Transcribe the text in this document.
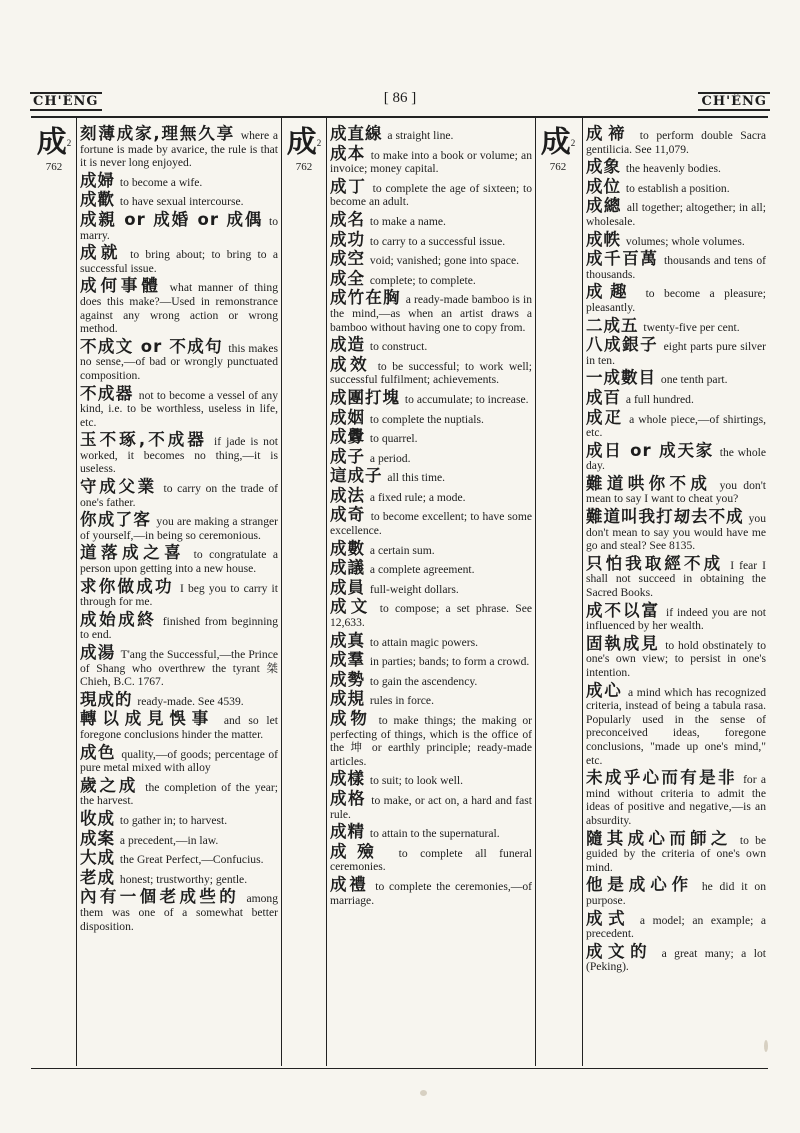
CH'ÊNG	[ 86 ]	CH'ÊNG
成$^2$
762
成$^2$
762
成$^2$
762
刻薄成家,理無久享 where a fortune is made by avarice, the rule is that it is never long enjoyed.
成婦 to become a wife.
成歡 to have sexual intercourse.
成親 or 成婚 or 成偶 to marry.
成就 to bring about; to bring to a successful issue.
成何事體 what manner of thing does this make?—Used in remonstrance against any wrong action or wrong method.
不成文 or 不成句 this makes no sense,—of bad or wrongly punctuated composition.
不成器 not to become a vessel of any kind, i.e. to be worthless, useless in life, etc.
玉不琢,不成器 if jade is not worked, it becomes no thing,—it is useless.
守成父業 to carry on the trade of one's father.
你成了客 you are making a stranger of yourself,—in being so ceremonious.
道落成之喜 to congratulate a person upon getting into a new house.
求你做成功 I beg you to carry it through for me.
成始成終 finished from beginning to end.
成湯 T'ang the Successful,—the Prince of Shang who overthrew the tyrant 桀 Chieh, B.C. 1767.
現成的 ready-made. See 4539.
轉以成見悞事 and so let foregone conclusions hinder the matter.
成色 quality,—of goods; percentage of pure metal mixed with alloy
歲之成 the completion of the year; the harvest.
收成 to gather in; to harvest.
成案 a precedent,—in law.
大成 the Great Perfect,—Confucius.
老成 honest; trustworthy; gentle.
內有一個老成些的 among them was one of a somewhat better disposition.
成直線 a straight line.
成本 to make into a book or volume; an invoice; money capital.
成丁 to complete the age of sixteen; to become an adult.
成名 to make a name.
成功 to carry to a successful issue.
成空 void; vanished; gone into space.
成全 complete; to complete.
成竹在胸 a ready-made bamboo is in the mind,—as when an artist draws a bamboo without having one to copy from.
成造 to construct.
成效 to be successful; to work well; successful fulfilment; achievements.
成團打塊 to accumulate; to increase.
成姻 to complete the nuptials.
成釁 to quarrel.
成子 a period.
這成子 all this time.
成法 a fixed rule; a mode.
成奇 to become excellent; to have some excellence.
成數 a certain sum.
成議 a complete agreement.
成員 full-weight dollars.
成文 to compose; a set phrase. See 12,633.
成真 to attain magic powers.
成羣 in parties; bands; to form a crowd.
成勢 to gain the ascendency.
成規 rules in force.
成物 to make things; the making or perfecting of things, which is the office of the 坤 or earthly principle; ready-made articles.
成樣 to suit; to look well.
成格 to make, or act on, a hard and fast rule.
成精 to attain to the supernatural.
成殮 to complete all funeral ceremonies.
成禮 to complete the ceremonies,—of marriage.
成禘 to perform double Sacra gentilicia. See 11,079.
成象 the heavenly bodies.
成位 to establish a position.
成總 all together; altogether; in all; wholesale.
成帙 volumes; whole volumes.
成千百萬 thousands and tens of thousands.
成趣 to become a pleasure; pleasantly.
二成五 twenty-five per cent.
八成銀子 eight parts pure silver in ten.
一成數目 one tenth part.
成百 a full hundred.
成疋 a whole piece,—of shirtings, etc.
成日 or 成天家 the whole day.
難道哄你不成 you don't mean to say I want to cheat you?
難道叫我打刼去不成 you don't mean to say you would have me go and steal? See 8135.
只怕我取經不成 I fear I shall not succeed in obtaining the Sacred Books.
成不以富 if indeed you are not influenced by her wealth.
固執成見 to hold obstinately to one's own view; to persist in one's intention.
成心 a mind which has recognized criteria, instead of being a tabula rasa. Popularly used in the sense of preconceived ideas, foregone conclusions, "made up one's mind," etc.
未成乎心而有是非 for a mind without criteria to admit the ideas of positive and negative,—is an absurdity.
隨其成心而師之 to be guided by the criteria of one's own mind.
他是成心作 he did it on purpose.
成式 a model; an example; a precedent.
成文的 a great many; a lot (Peking).
